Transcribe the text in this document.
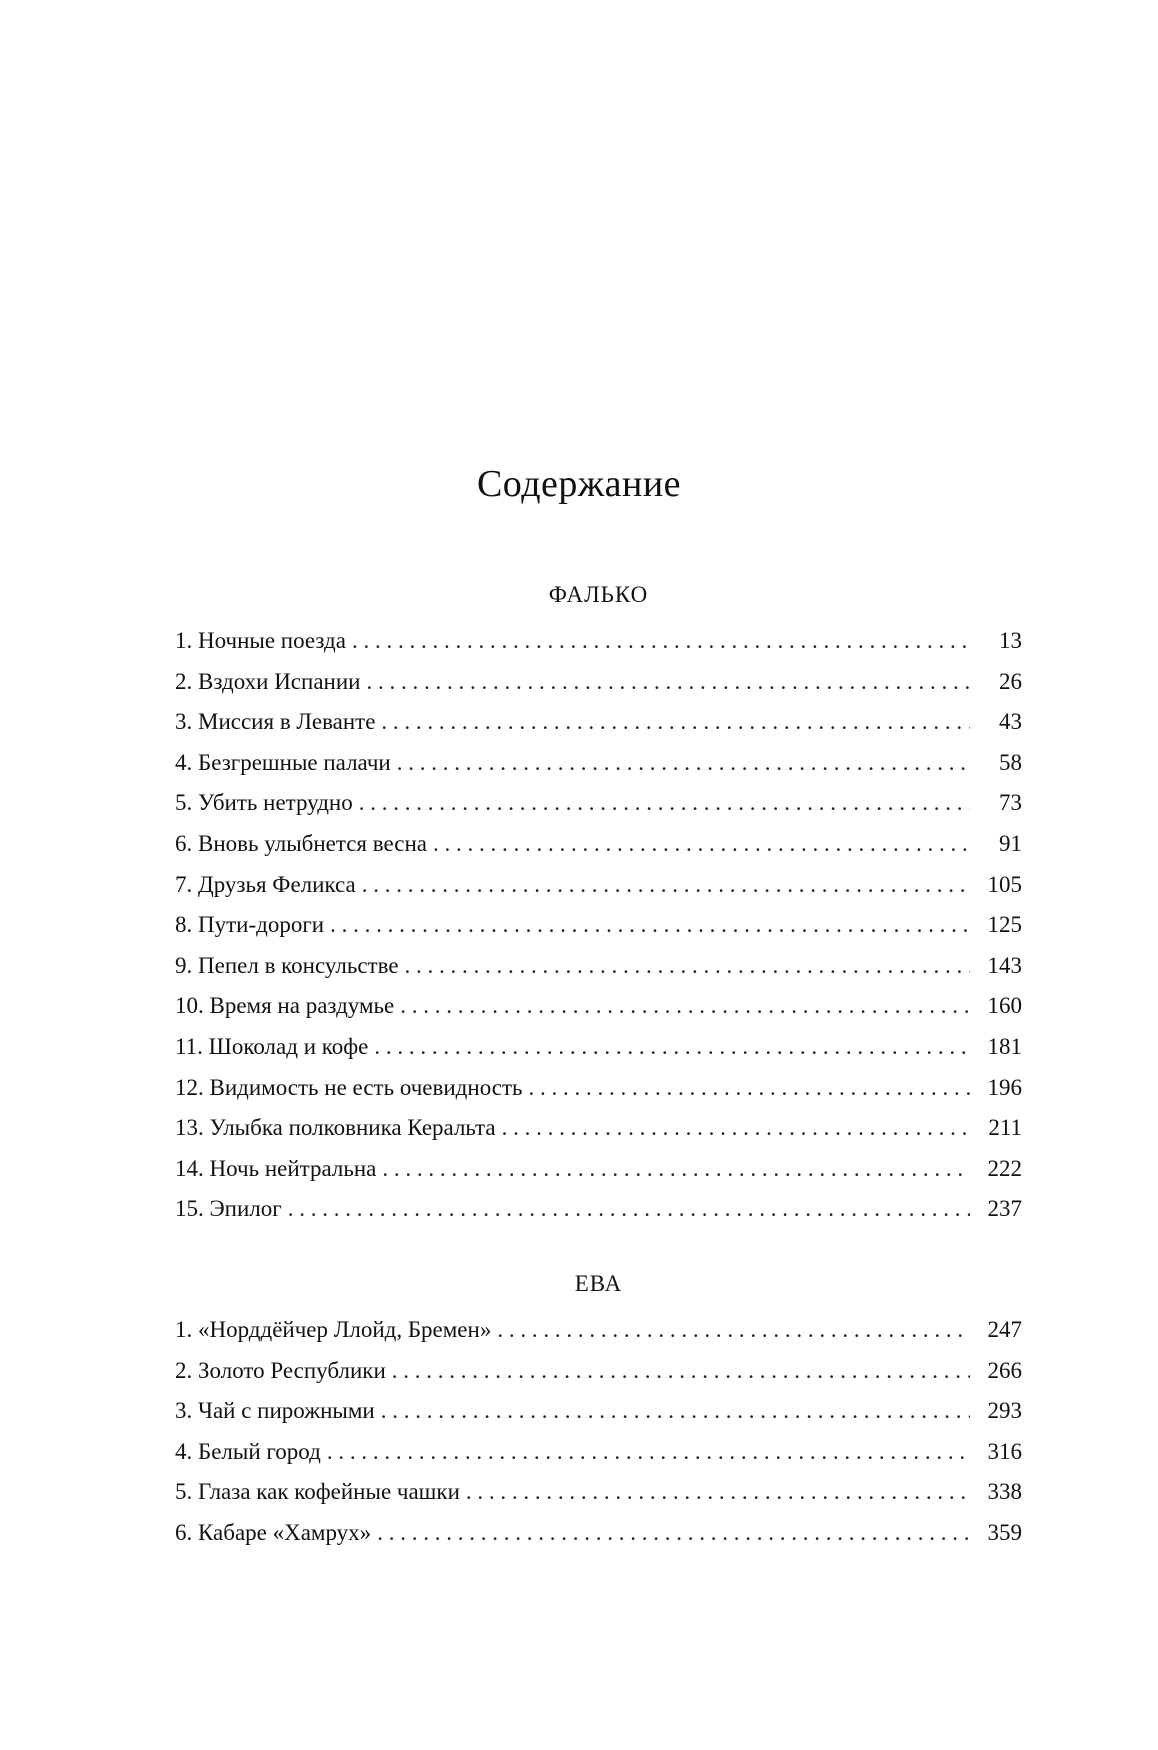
Содержание
ФАЛЬКО
1. Ночные поезда . . .	13
2. Вздохи Испании . . .	26
3. Миссия в Леванте . . .	43
4. Безгрешные палачи . . .	58
5. Убить нетрудно . . .	73
6. Вновь улыбнется весна . . .	91
7. Друзья Феликса . . .	105
8. Пути-дороги . . .	125
9. Пепел в консульстве . . .	143
10. Время на раздумье . . .	160
11. Шоколад и кофе . . .	181
12. Видимость не есть очевидность . . .	196
13. Улыбка полковника Керальта . . .	211
14. Ночь нейтральна . . .	222
15. Эпилог . . .	237
ЕВА
1. «Норддёйчер Ллойд, Бремен» . . .	247
2. Золото Республики . . .	266
3. Чай с пирожными . . .	293
4. Белый город . . .	316
5. Глаза как кофейные чашки . . .	338
6. Кабаре «Хамрух» . . .	359
